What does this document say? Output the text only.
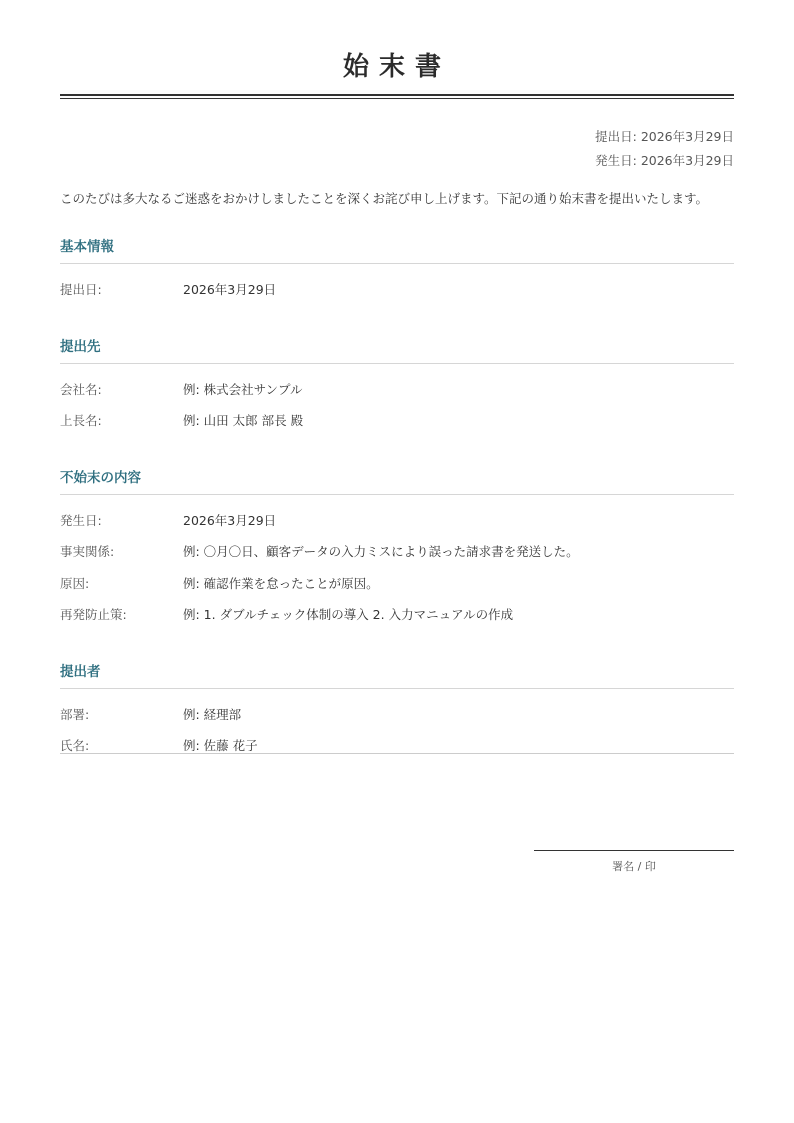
始末書
提出日: 2026年3月29日
発生日: 2026年3月29日

このたびは多大なるご迷惑をおかけしましたことを深くお詫び申し上げます。下記の通り始末書を提出いたします。

基本情報
提出日:	2026年3月29日
提出先
会社名:	例: 株式会社サンプル
上長名:	例: 山田 太郎 部長 殿
不始末の内容
発生日:	2026年3月29日
事実関係:	例: 〇月〇日、顧客データの入力ミスにより誤った請求書を発送した。
原因:	例: 確認作業を怠ったことが原因。
再発防止策:	例: 1. ダブルチェック体制の導入 2. 入力マニュアルの作成
提出者
部署:	例: 経理部
氏名:	例: 佐藤 花子
署名 / 印
